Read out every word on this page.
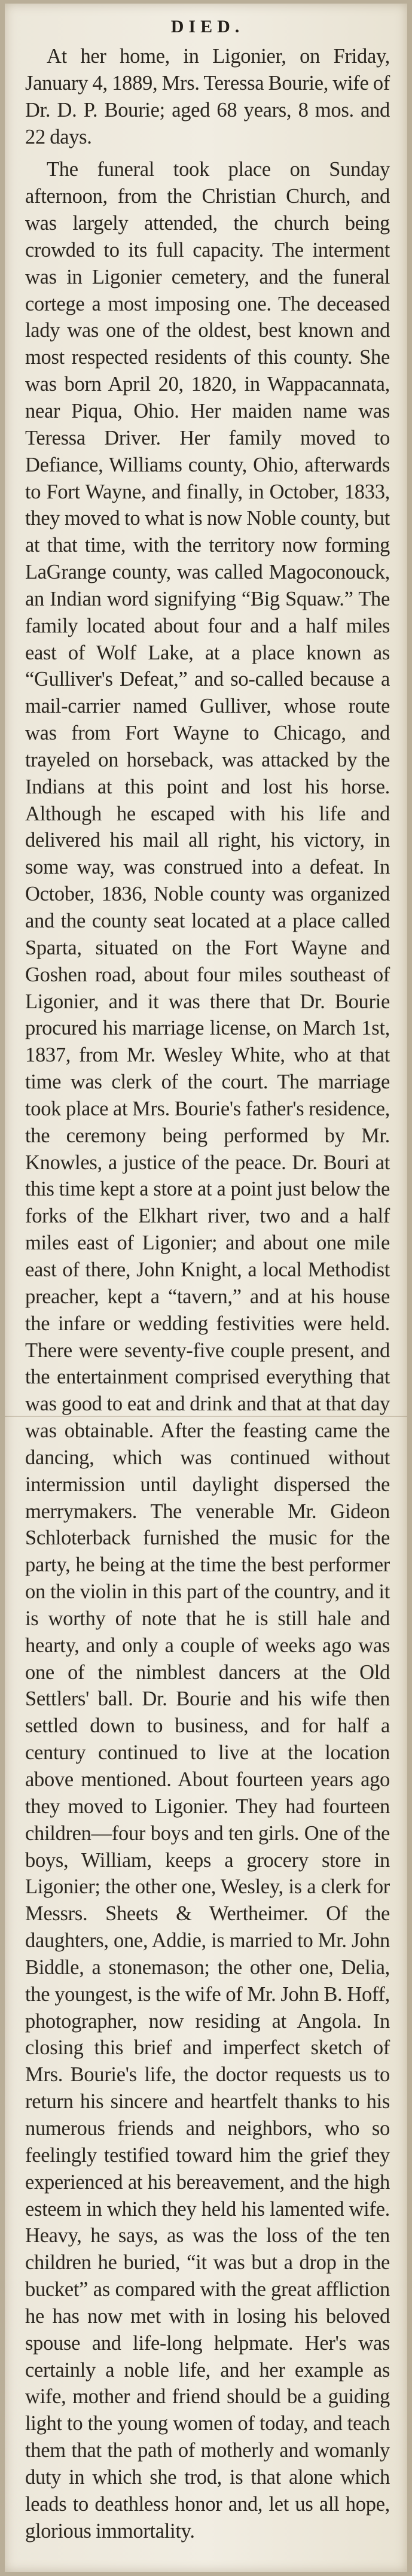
DIED.

At her home, in Ligonier, on Friday, January 4, 1889, Mrs. Teressa Bourie, wife of Dr. D. P. Bourie; aged 68 years, 8 mos. and 22 days.

The funeral took place on Sunday afternoon, from the Christian Church, and was largely attended, the church being crowded to its full capacity. The interment was in Ligonier cemetery, and the funeral cortege a most imposing one. The deceased lady was one of the oldest, best known and most respected residents of this county. She was born April 20, 1820, in Wappacannata, near Piqua, Ohio. Her maiden name was Teressa Driver. Her family moved to Defiance, Williams county, Ohio, afterwards to Fort Wayne, and finally, in October, 1833, they moved to what is now Noble county, but at that time, with the territory now forming LaGrange county, was called Magoconouck, an Indian word signifying “Big Squaw.” The family located about four and a half miles east of Wolf Lake, at a place known as “Gulliver's Defeat,” and so-called because a mail-carrier named Gulliver, whose route was from Fort Wayne to Chicago, and trayeled on horseback, was attacked by the Indians at this point and lost his horse. Although he escaped with his life and delivered his mail all right, his victory, in some way, was construed into a defeat. In October, 1836, Noble county was organized and the county seat located at a place called Sparta, situated on the Fort Wayne and Goshen road, about four miles southeast of Ligonier, and it was there that Dr. Bourie procured his marriage license, on March 1st, 1837, from Mr. Wesley White, who at that time was clerk of the court. The marriage took place at Mrs. Bourie's father's residence, the ceremony being performed by Mr. Knowles, a justice of the peace. Dr. Bouri at this time kept a store at a point just below the forks of the Elkhart river, two and a half miles east of Ligonier; and about one mile east of there, John Knight, a local Methodist preacher, kept a “tavern,” and at his house the infare or wedding festivities were held. There were seventy-five couple present, and the entertainment comprised everything that was good to eat and drink and that at that day was obtainable. After the feasting came the dancing, which was continued without intermission until daylight dispersed the merrymakers. The venerable Mr. Gideon Schloterback furnished the music for the party, he being at the time the best performer on the violin in this part of the country, and it is worthy of note that he is still hale and hearty, and only a couple of weeks ago was one of the nimblest dancers at the Old Settlers' ball. Dr. Bourie and his wife then settled down to business, and for half a century continued to live at the location above mentioned. About fourteen years ago they moved to Ligonier. They had fourteen children—four boys and ten girls. One of the boys, William, keeps a grocery store in Ligonier; the other one, Wesley, is a clerk for Messrs. Sheets & Wertheimer. Of the daughters, one, Addie, is married to Mr. John Biddle, a stonemason; the other one, Delia, the youngest, is the wife of Mr. John B. Hoff, photographer, now residing at Angola. In closing this brief and imperfect sketch of Mrs. Bourie's life, the doctor requests us to return his sincere and heartfelt thanks to his numerous friends and neighbors, who so feelingly testified toward him the grief they experienced at his bereavement, and the high esteem in which they held his lamented wife. Heavy, he says, as was the loss of the ten children he buried, “it was but a drop in the bucket” as compared with the great affliction he has now met with in losing his beloved spouse and life-long helpmate. Her's was certainly a noble life, and her example as wife, mother and friend should be a guiding light to the young women of today, and teach them that the path of motherly and womanly duty in which she trod, is that alone which leads to deathless honor and, let us all hope, glorious immortality.
